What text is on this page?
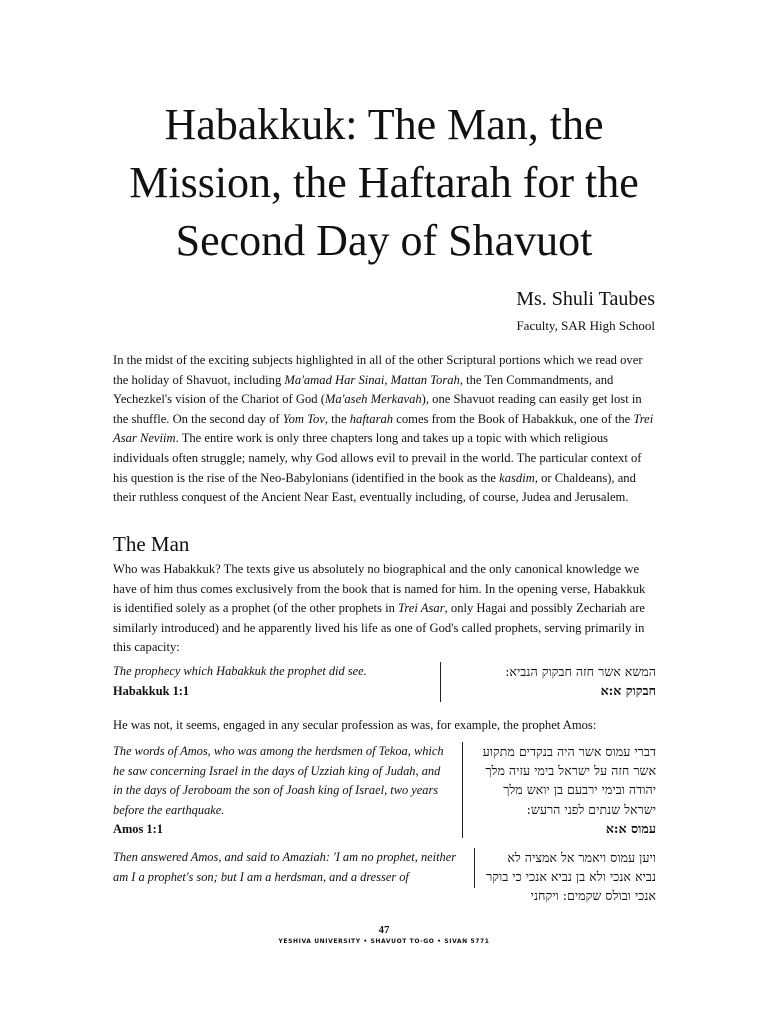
Habakkuk: The Man, the Mission, the Haftarah for the Second Day of Shavuot
Ms. Shuli Taubes
Faculty, SAR High School

In the midst of the exciting subjects highlighted in all of the other Scriptural portions which we read over the holiday of Shavuot, including Ma'amad Har Sinai, Mattan Torah, the Ten Commandments, and Yechezkel's vision of the Chariot of God (Ma'aseh Merkavah), one Shavuot reading can easily get lost in the shuffle. On the second day of Yom Tov, the haftarah comes from the Book of Habakkuk, one of the Trei Asar Neviim. The entire work is only three chapters long and takes up a topic with which religious individuals often struggle; namely, why God allows evil to prevail in the world. The particular context of his question is the rise of the Neo-Babylonians (identified in the book as the kasdim, or Chaldeans), and their ruthless conquest of the Ancient Near East, eventually including, of course, Judea and Jerusalem.

The Man

Who was Habakkuk? The texts give us absolutely no biographical and the only canonical knowledge we have of him thus comes exclusively from the book that is named for him. In the opening verse, Habakkuk is identified solely as a prophet (of the other prophets in Trei Asar, only Hagai and possibly Zechariah are similarly introduced) and he apparently lived his life as one of God's called prophets, serving primarily in this capacity:

The prophecy which Habakkuk the prophet did see.
Habakkuk 1:1
המשא אשר חזה חבקוק הנביא:
חבקוק א:א

He was not, it seems, engaged in any secular profession as was, for example, the prophet Amos:

The words of Amos, who was among the herdsmen of Tekoa, which he saw concerning Israel in the days of Uzziah king of Judah, and in the days of Jeroboam the son of Joash king of Israel, two years before the earthquake.
Amos 1:1
דברי עמוס אשר היה בנקדים מתקוע אשר חזה על ישראל בימי עזיה מלך יהודה ובימי ירבעם בן יואש מלך ישראל שנתים לפני הרעש:
עמוס א:א
Then answered Amos, and said to Amaziah: 'I am no prophet, neither am I a prophet's son; but I am a herdsman, and a dresser of
ויען עמוס ויאמר אל אמציה לא נביא אנכי ולא בן נביא אנכי כי בוקר אנכי ובולס שקמים: ויקחני
47
YESHIVA UNIVERSITY • SHAVUOT TO-GO • SIVAN 5771
